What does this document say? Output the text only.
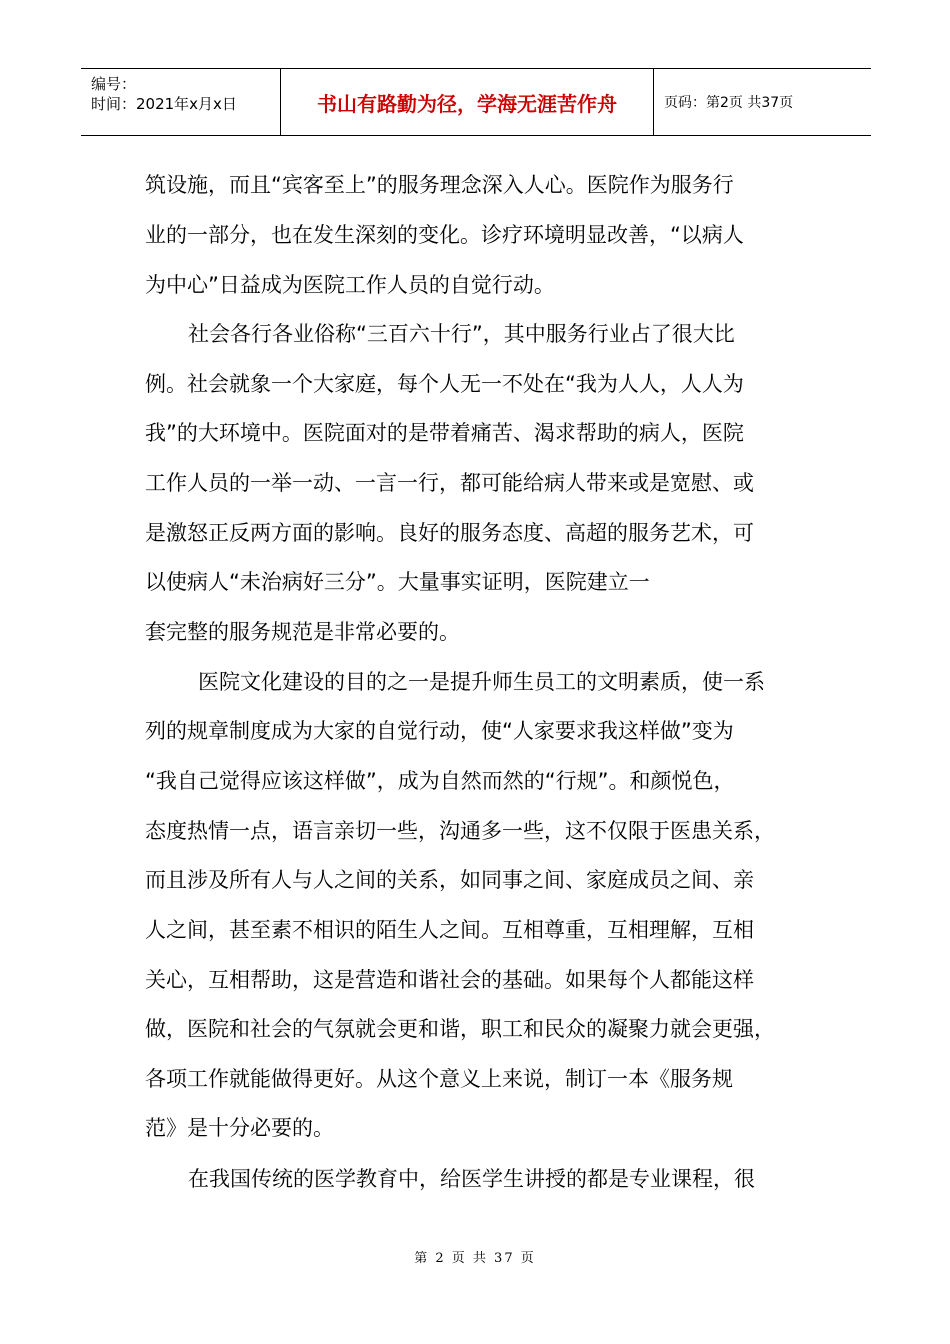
编号：
时间：2021年x月x日	书山有路勤为径，学海无涯苦作舟	页码：第2页 共37页
筑设施，而且“宾客至上”的服务理念深入人心。医院作为服务行
业的一部分，也在发生深刻的变化。诊疗环境明显改善，“以病人
为中心”日益成为医院工作人员的自觉行动。
社会各行各业俗称“三百六十行”，其中服务行业占了很大比
例。社会就象一个大家庭，每个人无一不处在“我为人人，人人为
我”的大环境中。医院面对的是带着痛苦、渴求帮助的病人，医院
工作人员的一举一动、一言一行，都可能给病人带来或是宽慰、或
是激怒正反两方面的影响。良好的服务态度、高超的服务艺术，可
以使病人“未治病好三分”。大量事实证明，医院建立一
套完整的服务规范是非常必要的。
医院文化建设的目的之一是提升师生员工的文明素质，使一系
列的规章制度成为大家的自觉行动，使“人家要求我这样做”变为
“我自己觉得应该这样做”，成为自然而然的“行规”。和颜悦色，
态度热情一点，语言亲切一些，沟通多一些，这不仅限于医患关系，
而且涉及所有人与人之间的关系，如同事之间、家庭成员之间、亲
人之间，甚至素不相识的陌生人之间。互相尊重，互相理解，互相
关心，互相帮助，这是营造和谐社会的基础。如果每个人都能这样
做，医院和社会的气氛就会更和谐，职工和民众的凝聚力就会更强，
各项工作就能做得更好。从这个意义上来说，制订一本《服务规
范》是十分必要的。
在我国传统的医学教育中，给医学生讲授的都是专业课程，很
第 2 页 共 37 页
